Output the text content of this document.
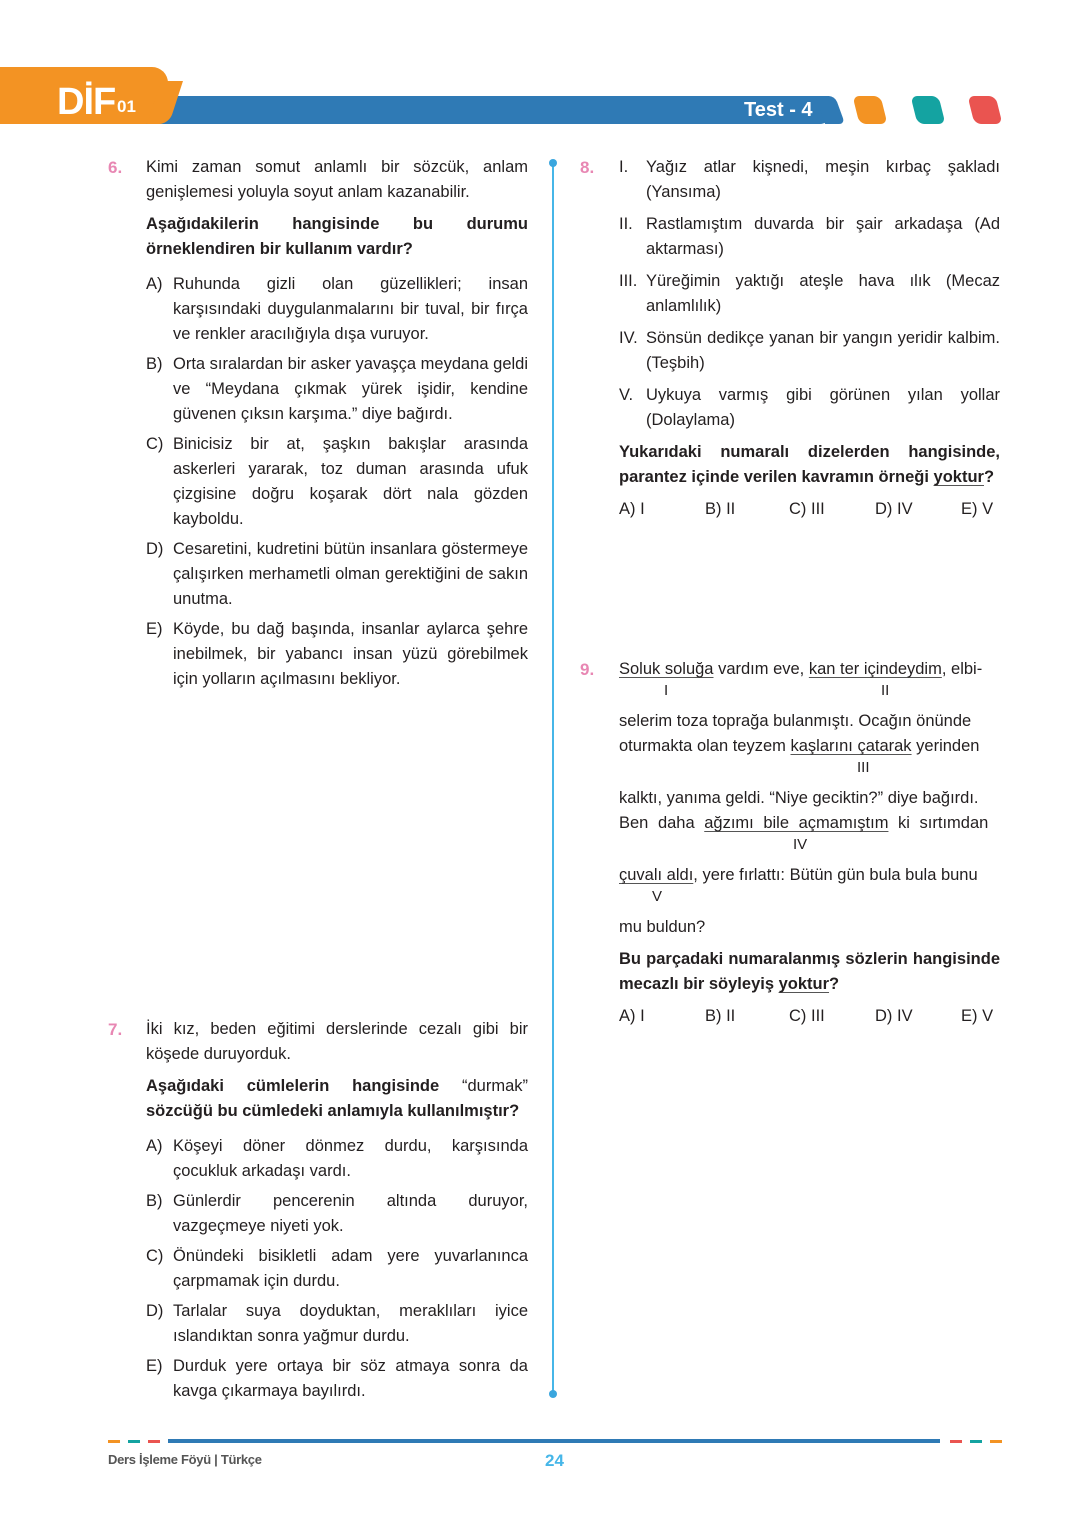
DİF 01	Test - 4
6. Kimi zaman somut anlamlı bir sözcük, anlam genişlemesi yoluyla soyut anlam kazanabilir.
Aşağıdakilerin hangisinde bu durumu örneklendiren bir kullanım vardır?
A) Ruhunda gizli olan güzellikleri; insan karşısındaki duygulanmalarını bir tuval, bir fırça ve renkler aracılığıyla dışa vuruyor.
B) Orta sıralardan bir asker yavaşça meydana geldi ve “Meydana çıkmak yürek işidir, kendine güvenen çıksın karşıma.” diye bağırdı.
C) Binicisiz bir at, şaşkın bakışlar arasında askerleri yararak, toz duman arasında ufuk çizgisine doğru koşarak dört nala gözden kayboldu.
D) Cesaretini, kudretini bütün insanlara göstermeye çalışırken merhametli olman gerektiğini de sakın unutma.
E) Köyde, bu dağ başında, insanlar aylarca şehre inebilmek, bir yabancı insan yüzü görebilmek için yolların açılmasını bekliyor.
7. İki kız, beden eğitimi derslerinde cezalı gibi bir köşede duruyorduk.
Aşağıdaki cümlelerin hangisinde “durmak” sözcüğü bu cümledeki anlamıyla kullanılmıştır?
A) Köşeyi döner dönmez durdu, karşısında çocukluk arkadaşı vardı.
B) Günlerdir pencerenin altında duruyor, vazgeçmeye niyeti yok.
C) Önündeki bisikletli adam yere yuvarlanınca çarpmamak için durdu.
D) Tarlalar suya doyduktan, meraklıları iyice ıslandıktan sonra yağmur durdu.
E) Durduk yere ortaya bir söz atmaya sonra da kavga çıkarmaya bayılırdı.
8. I.	Yağız atlar kişnedi, meşin kırbaç şakladı (Yansıma)
II. Rastlamıştım duvarda bir şair arkadaşa (Ad aktarması)
III. Yüreğimin yaktığı ateşle hava ılık (Mecaz anlamlılık)
IV. Sönsün dedikçe yanan bir yangın yeridir kalbim. (Teşbih)
V. Uykuya varmış gibi görünen yılan yollar (Dolaylama)
Yukarıdaki numaralı dizelerden hangisinde, parantez içinde verilen kavramın örneği yoktur?
A) I	B) II	C) III	D) IV	E) V
9. Soluk soluğa vardım eve, kan ter içindeydim, elbi-
I	II
selerim toza toprağa bulanmıştı. Ocağın önünde
oturmakta olan teyzem kaşlarını çatarak yerinden
III
kalktı, yanıma geldi. “Niye geciktin?” diye bağırdı.
Ben daha ağzımı bile açmamıştım ki sırtımdan
IV
çuvalı aldı, yere fırlattı: Bütün gün bula bula bunu
V
mu buldun?
Bu parçadaki numaralanmış sözlerin hangisinde mecazlı bir söyleyiş yoktur?
A) I	B) II	C) III	D) IV	E) V
Ders İşleme Föyü | Türkçe	24
